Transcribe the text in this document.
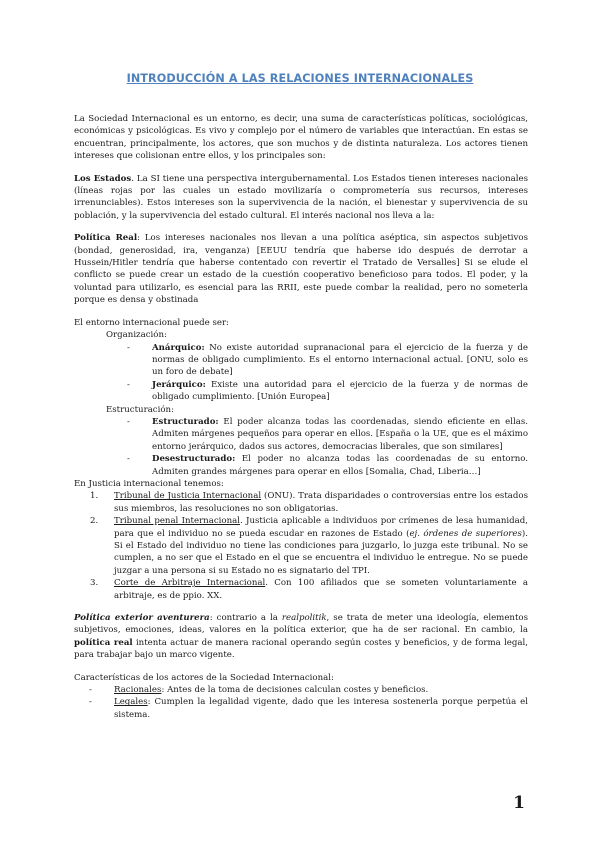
INTRODUCCIÓN A LAS RELACIONES INTERNACIONALES

La Sociedad Internacional es un entorno, es decir, una suma de características políticas, sociológicas, económicas y psicológicas. Es vivo y complejo por el número de variables que interactúan. En estas se encuentran, principalmente, los actores, que son muchos y de distinta naturaleza. Los actores tienen intereses que colisionan entre ellos, y los principales son:

Los Estados. La SI tiene una perspectiva intergubernamental. Los Estados tienen intereses nacionales (líneas rojas por las cuales un estado movilizaría o comprometería sus recursos, intereses irrenunciables). Estos intereses son la supervivencia de la nación, el bienestar y supervivencia de su población, y la supervivencia del estado cultural. El interés nacional nos lleva a la:

Política Real: Los intereses nacionales nos llevan a una política aséptica, sin aspectos subjetivos (bondad, generosidad, ira, venganza) [EEUU tendría que haberse ido después de derrotar a Hussein/Hitler tendría que haberse contentado con revertir el Tratado de Versalles] Si se elude el conflicto se puede crear un estado de la cuestión cooperativo beneficioso para todos. El poder, y la voluntad para utilizarlo, es esencial para las RRII, este puede combar la realidad, pero no someterla porque es densa y obstinada

El entorno internacional puede ser:

Organización:

-	Anárquico: No existe autoridad supranacional para el ejercicio de la fuerza y de normas de obligado cumplimiento. Es el entorno internacional actual. [ONU, solo es un foro de debate]
-	Jerárquico: Existe una autoridad para el ejercicio de la fuerza y de normas de obligado cumplimiento. [Unión Europea]

Estructuración:

-	Estructurado: El poder alcanza todas las coordenadas, siendo eficiente en ellas. Admiten márgenes pequeños para operar en ellos. [España o la UE, que es el máximo entorno jerárquico, dados sus actores, democracias liberales, que son similares]
-	Desestructurado: El poder no alcanza todas las coordenadas de su entorno. Admiten grandes márgenes para operar en ellos [Somalia, Chad, Liberia…]

En Justicia internacional tenemos:

1. Tribunal de Justicia Internacional (ONU). Trata disparidades o controversias entre los estados sus miembros, las resoluciones no son obligatorias.
2. Tribunal penal Internacional. Justicia aplicable a individuos por crímenes de lesa humanidad, para que el individuo no se pueda escudar en razones de Estado (ej. órdenes de superiores). Si el Estado del individuo no tiene las condiciones para juzgarlo, lo juzga este tribunal. No se cumplen, a no ser que el Estado en el que se encuentra el individuo le entregue. No se puede juzgar a una persona si su Estado no es signatario del TPI.
3. Corte de Arbitraje Internacional. Con 100 afiliados que se someten voluntariamente a arbitraje, es de ppio. XX.

Política exterior aventurera: contrario a la realpolitik, se trata de meter una ideología, elementos subjetivos, emociones, ideas, valores en la política exterior, que ha de ser racional. En cambio, la política real intenta actuar de manera racional operando según costes y beneficios, y de forma legal, para trabajar bajo un marco vigente.

Características de los actores de la Sociedad Internacional:

-	Racionales: Antes de la toma de decisiones calculan costes y beneficios.
-	Legales: Cumplen la legalidad vigente, dado que les interesa sostenerla porque perpetúa el sistema.
1
